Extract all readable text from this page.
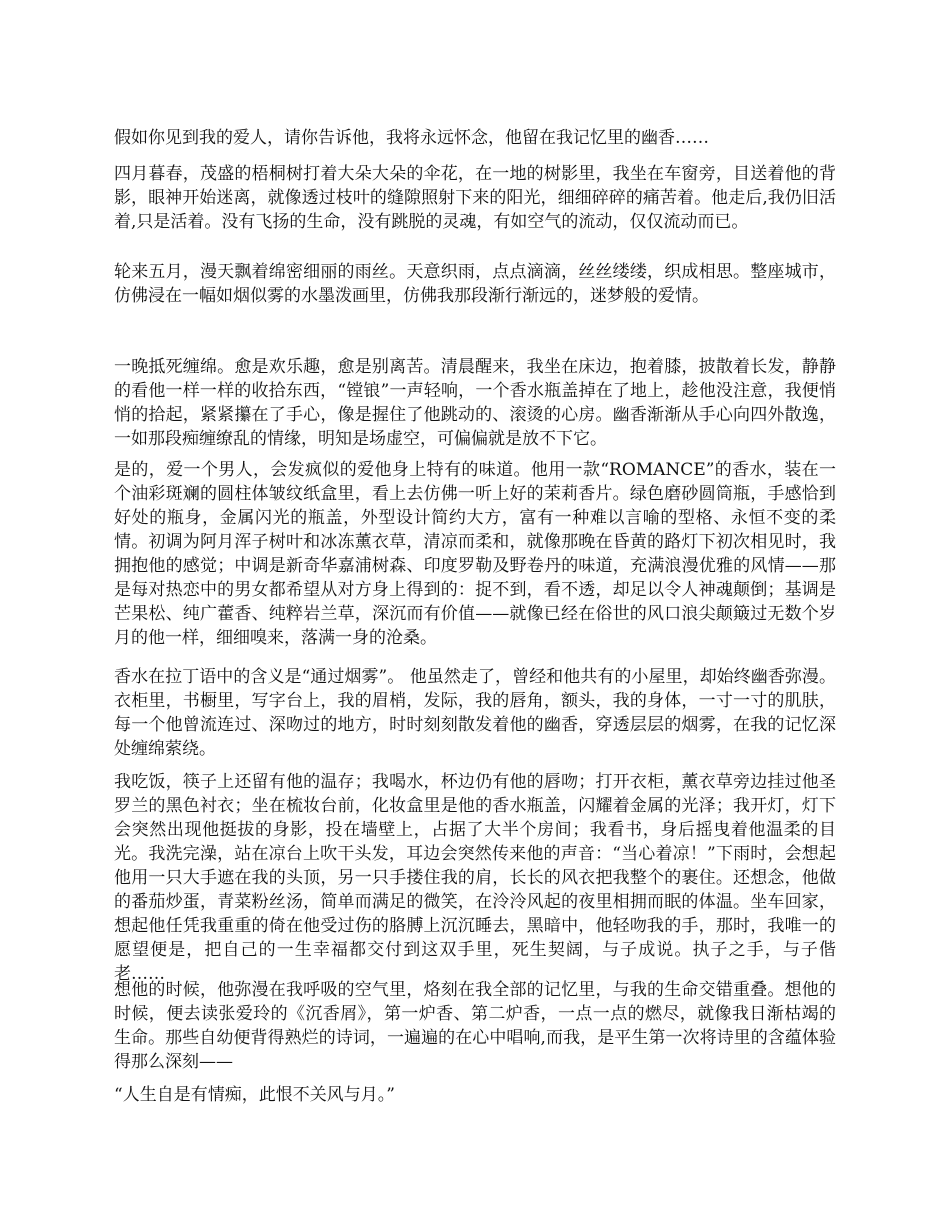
假如你见到我的爱人，请你告诉他，我将永远怀念，他留在我记忆里的幽香……

四月暮春，茂盛的梧桐树打着大朵大朵的伞花，在一地的树影里，我坐在车窗旁，目送着他的背影，眼神开始迷离，就像透过枝叶的缝隙照射下来的阳光，细细碎碎的痛苦着。他走后,我仍旧活着,只是活着。没有飞扬的生命，没有跳脱的灵魂，有如空气的流动，仅仅流动而已。

轮来五月，漫天飘着绵密细丽的雨丝。天意织雨，点点滴滴，丝丝缕缕，织成相思。整座城市，仿佛浸在一幅如烟似雾的水墨泼画里，仿佛我那段渐行渐远的，迷梦般的爱情。

一晚抵死缠绵。愈是欢乐趣，愈是别离苦。清晨醒来，我坐在床边，抱着膝，披散着长发，静静的看他一样一样的收拾东西，“镗锒”一声轻响，一个香水瓶盖掉在了地上，趁他没注意，我便悄悄的拾起，紧紧攥在了手心，像是握住了他跳动的、滚烫的心房。幽香渐渐从手心向四外散逸，一如那段痴缠缭乱的情缘，明知是场虚空，可偏偏就是放不下它。

是的，爱一个男人，会发疯似的爱他身上特有的味道。他用一款“ROMANCE”的香水，装在一个油彩斑斓的圆柱体皱纹纸盒里，看上去仿佛一听上好的茉莉香片。绿色磨砂圆筒瓶，手感恰到好处的瓶身，金属闪光的瓶盖，外型设计简约大方，富有一种难以言喻的型格、永恒不变的柔情。初调为阿月浑子树叶和冰冻薰衣草，清凉而柔和，就像那晚在昏黄的路灯下初次相见时，我拥抱他的感觉；中调是新奇华嘉浦树森、印度罗勒及野卷丹的味道，充满浪漫优雅的风情——那是每对热恋中的男女都希望从对方身上得到的：捉不到，看不透，却足以令人神魂颠倒；基调是芒果松、纯广藿香、纯粹岩兰草，深沉而有价值——就像已经在俗世的风口浪尖颠簸过无数个岁月的他一样，细细嗅来，落满一身的沧桑。

香水在拉丁语中的含义是“通过烟雾”。 他虽然走了，曾经和他共有的小屋里，却始终幽香弥漫。衣柜里，书橱里，写字台上，我的眉梢，发际，我的唇角，额头，我的身体，一寸一寸的肌肤，每一个他曾流连过、深吻过的地方，时时刻刻散发着他的幽香，穿透层层的烟雾，在我的记忆深处缠绵萦绕。

我吃饭，筷子上还留有他的温存；我喝水，杯边仍有他的唇吻；打开衣柜，薰衣草旁边挂过他圣罗兰的黑色衬衣；坐在梳妆台前，化妆盒里是他的香水瓶盖，闪耀着金属的光泽；我开灯，灯下会突然出现他挺拔的身影，投在墙壁上，占据了大半个房间；我看书，身后摇曳着他温柔的目光。我洗完澡，站在凉台上吹干头发，耳边会突然传来他的声音：“当心着凉！”下雨时，会想起他用一只大手遮在我的头顶，另一只手搂住我的肩，长长的风衣把我整个的裹住。还想念，他做的番茄炒蛋，青菜粉丝汤，简单而满足的微笑，在泠泠风起的夜里相拥而眠的体温。坐车回家，想起他任凭我重重的倚在他受过伤的胳膊上沉沉睡去，黑暗中，他轻吻我的手，那时，我唯一的愿望便是，把自己的一生幸福都交付到这双手里，死生契阔，与子成说。执子之手，与子偕老……

想他的时候，他弥漫在我呼吸的空气里，烙刻在我全部的记忆里，与我的生命交错重叠。想他的时候，便去读张爱玲的《沉香屑》，第一炉香、第二炉香，一点一点的燃尽，就像我日渐枯竭的生命。那些自幼便背得熟烂的诗词，一遍遍的在心中唱响,而我，是平生第一次将诗里的含蕴体验得那么深刻——

“人生自是有情痴，此恨不关风与月。”
